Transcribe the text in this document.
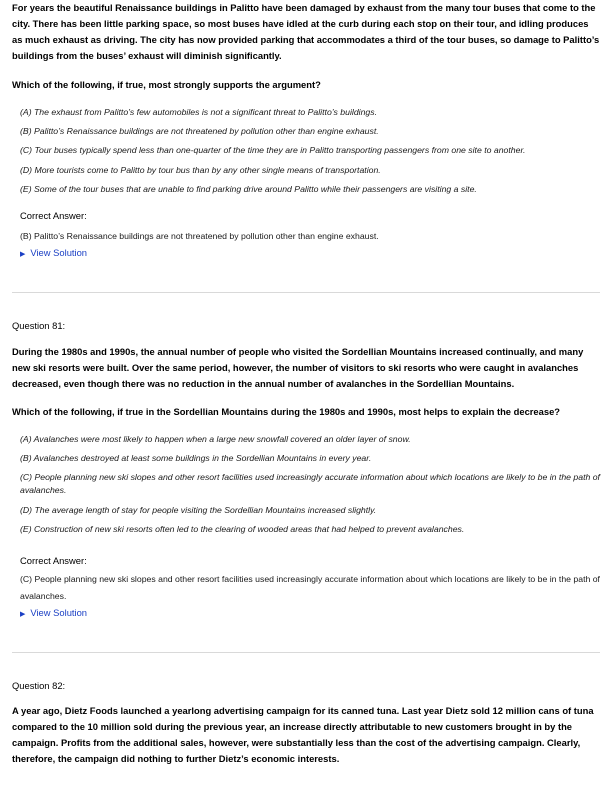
For years the beautiful Renaissance buildings in Palitto have been damaged by exhaust from the many tour buses that come to the city. There has been little parking space, so most buses have idled at the curb during each stop on their tour, and idling produces as much exhaust as driving. The city has now provided parking that accommodates a third of the tour buses, so damage to Palitto’s buildings from the buses’ exhaust will diminish significantly.

Which of the following, if true, most strongly supports the argument?

(A) The exhaust from Palitto’s few automobiles is not a significant threat to Palitto’s buildings.
(B) Palitto’s Renaissance buildings are not threatened by pollution other than engine exhaust.
(C) Tour buses typically spend less than one-quarter of the time they are in Palitto transporting passengers from one site to another.
(D) More tourists come to Palitto by tour bus than by any other single means of transportation.
(E) Some of the tour buses that are unable to find parking drive around Palitto while their passengers are visiting a site.

Correct Answer:

(B) Palitto’s Renaissance buildings are not threatened by pollution other than engine exhaust.

▶ View Solution

Question 81:

During the 1980s and 1990s, the annual number of people who visited the Sordellian Mountains increased continually, and many new ski resorts were built. Over the same period, however, the number of visitors to ski resorts who were caught in avalanches decreased, even though there was no reduction in the annual number of avalanches in the Sordellian Mountains.

Which of the following, if true in the Sordellian Mountains during the 1980s and 1990s, most helps to explain the decrease?

(A) Avalanches were most likely to happen when a large new snowfall covered an older layer of snow.
(B) Avalanches destroyed at least some buildings in the Sordellian Mountains in every year.
(C) People planning new ski slopes and other resort facilities used increasingly accurate information about which locations are likely to be in the path of avalanches.
(D) The average length of stay for people visiting the Sordellian Mountains increased slightly.
(E) Construction of new ski resorts often led to the clearing of wooded areas that had helped to prevent avalanches.

Correct Answer:

(C) People planning new ski slopes and other resort facilities used increasingly accurate information about which locations are likely to be in the path of avalanches.

▶ View Solution

Question 82:

A year ago, Dietz Foods launched a yearlong advertising campaign for its canned tuna. Last year Dietz sold 12 million cans of tuna compared to the 10 million sold during the previous year, an increase directly attributable to new customers brought in by the campaign. Profits from the additional sales, however, were substantially less than the cost of the advertising campaign. Clearly, therefore, the campaign did nothing to further Dietz’s economic interests.
